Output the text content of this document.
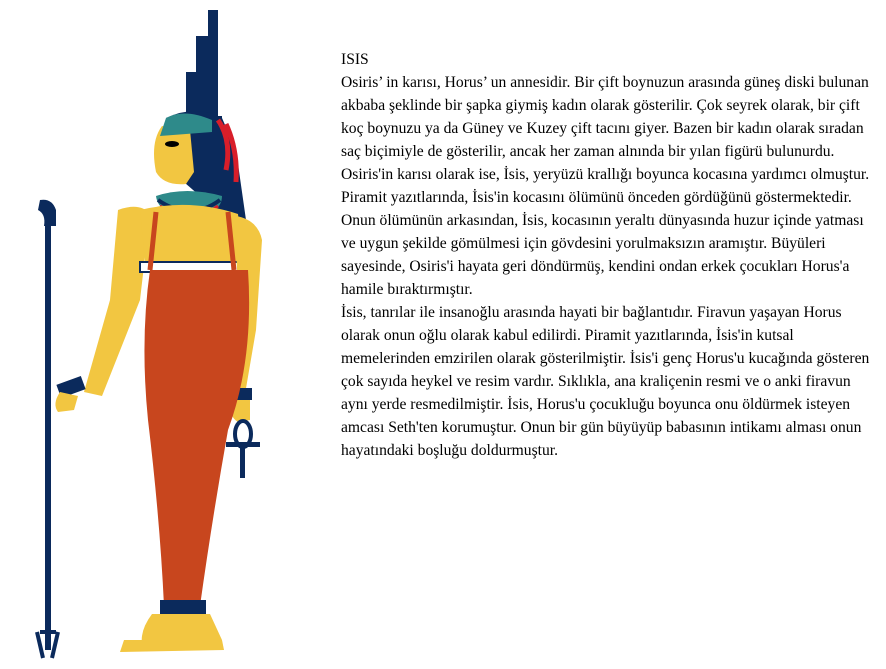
ISIS

Osiris’ in karısı, Horus’ un annesidir. Bir çift boynuzun arasında güneş diski bulunan akbaba şeklinde bir şapka giymiş kadın olarak gösterilir. Çok seyrek olarak, bir çift koç boynuzu ya da Güney ve Kuzey çift tacını giyer. Bazen bir kadın olarak sıradan saç biçimiyle de gösterilir, ancak her zaman alnında bir yılan figürü bulunurdu. Osiris'in karısı olarak ise, İsis, yeryüzü krallığı boyunca kocasına yardımcı olmuştur. Piramit yazıtlarında, İsis'in kocasını ölümünü önceden gördüğünü göstermektedir. Onun ölümünün arkasından, İsis, kocasının yeraltı dünyasında huzur içinde yatması ve uygun şekilde gömülmesi için gövdesini yorulmaksızın aramıştır. Büyüleri sayesinde, Osiris'i hayata geri döndürmüş, kendini ondan erkek çocukları Horus'a hamile bıraktırmıştır.

İsis, tanrılar ile insanoğlu arasında hayati bir bağlantıdır. Firavun yaşayan Horus olarak onun oğlu olarak kabul edilirdi. Piramit yazıtlarında, İsis'in kutsal memelerinden emzirilen olarak gösterilmiştir. İsis'i genç Horus'u kucağında gösteren çok sayıda heykel ve resim vardır. Sıklıkla, ana kraliçenin resmi ve o anki firavun aynı yerde resmedilmiştir. İsis, Horus'u çocukluğu boyunca onu öldürmek isteyen amcası Seth'ten korumuştur. Onun bir gün büyüyüp babasının intikamı alması onun hayatındaki boşluğu doldurmuştur.
